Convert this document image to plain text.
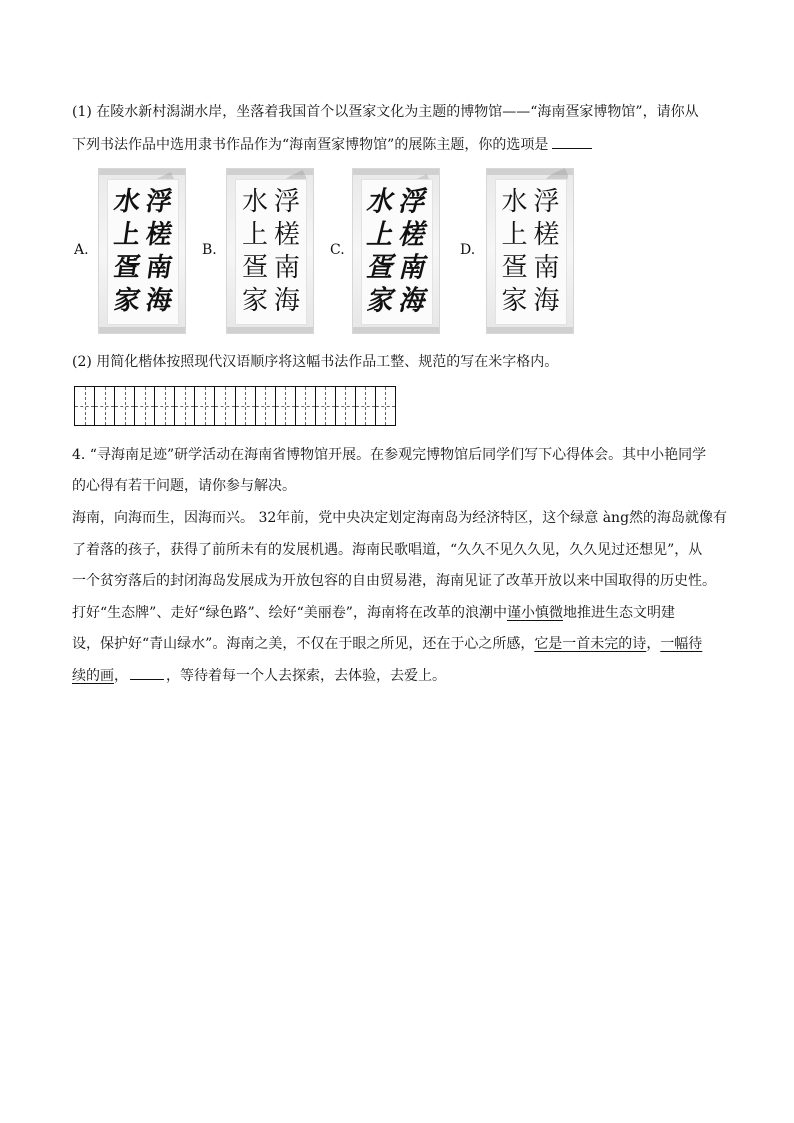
(1) 在陵水新村潟湖水岸，坐落着我国首个以疍家文化为主题的博物馆——“海南疍家博物馆”，请你从
下列书法作品中选用隶书作品作为“海南疍家博物馆”的展陈主题，你的选项是
A.
浮
槎
南
海
水
上
疍
家
B.
浮
槎
南
海
水
上
疍
家
C.
浮
槎
南
海
水
上
疍
家
D.
浮
槎
南
海
水
上
疍
家
(2) 用简化楷体按照现代汉语顺序将这幅书法作品工整、规范的写在米字格内。
4. “寻海南足迹”研学活动在海南省博物馆开展。在参观完博物馆后同学们写下心得体会。其中小艳同学
的心得有若干问题，请你参与解决。
海南，向海而生，因海而兴。 32年前，党中央决定划定海南岛为经济特区，这个绿意 àng然的海岛就像有
了着落的孩子，获得了前所未有的发展机遇。海南民歌唱道，“久久不见久久见，久久见过还想见”，从
一个贫穷落后的封闭海岛发展成为开放包容的自由贸易港，海南见证了改革开放以来中国取得的历史性。
打好“生态牌”、走好“绿色路”、绘好“美丽卷”，海南将在改革的浪潮中谨小慎微地推进生态文明建
设，保护好“青山绿水”。海南之美，不仅在于眼之所见，还在于心之所感，它是一首未完的诗，一幅待
续的画，	，等待着每一个人去探索，去体验，去爱上。
